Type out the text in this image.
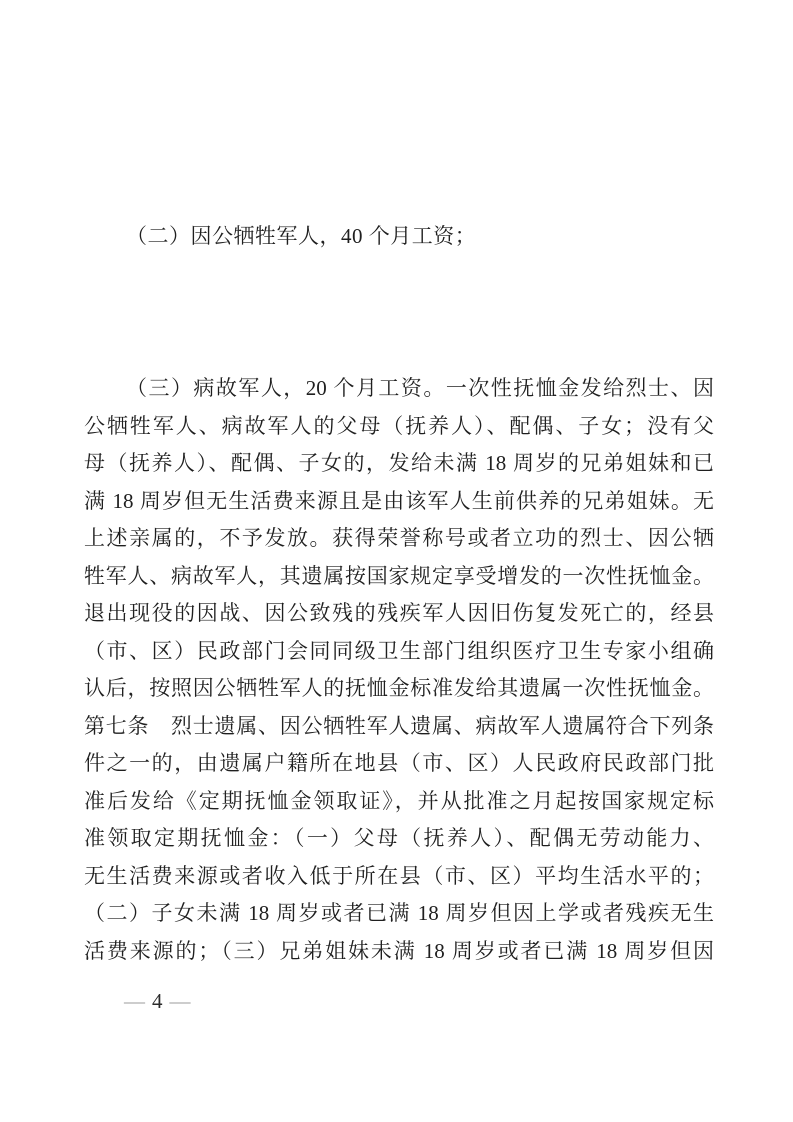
（二）因公牺牲军人，40 个月工资；
（三）病故军人，20 个月工资。一次性抚恤金发给烈士、因
公牺牲军人、病故军人的父母（抚养人）、配偶、子女；没有父
母（抚养人）、配偶、子女的，发给未满 18 周岁的兄弟姐妹和已
满 18 周岁但无生活费来源且是由该军人生前供养的兄弟姐妹。无
上述亲属的，不予发放。获得荣誉称号或者立功的烈士、因公牺
牲军人、病故军人，其遗属按国家规定享受增发的一次性抚恤金。
退出现役的因战、因公致残的残疾军人因旧伤复发死亡的，经县
（市、区）民政部门会同同级卫生部门组织医疗卫生专家小组确
认后，按照因公牺牲军人的抚恤金标准发给其遗属一次性抚恤金。
第七条　烈士遗属、因公牺牲军人遗属、病故军人遗属符合下列条
件之一的，由遗属户籍所在地县（市、区）人民政府民政部门批
准后发给《定期抚恤金领取证》，并从批准之月起按国家规定标
准领取定期抚恤金：（一）父母（抚养人）、配偶无劳动能力、
无生活费来源或者收入低于所在县（市、区）平均生活水平的；
（二）子女未满 18 周岁或者已满 18 周岁但因上学或者残疾无生
活费来源的；（三）兄弟姐妹未满 18 周岁或者已满 18 周岁但因
— 4 —
